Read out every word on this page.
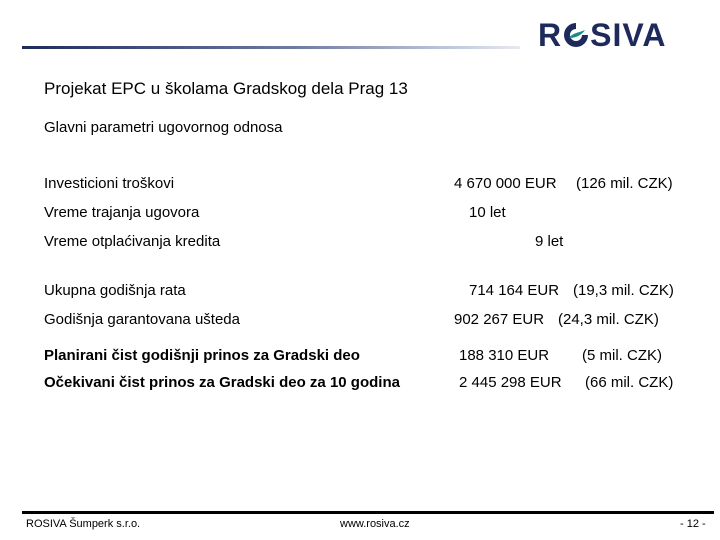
R SIVA
Projekat EPC u školama Gradskog dela Prag 13
Glavni parametri ugovornog odnosa
Investicioni troškovi	4 670 000 EUR (126 mil. CZK)
Vreme trajanja ugovora	10 let
Vreme otplaćivanja kredita	9 let
Ukupna godišnja rata	714 164 EUR (19,3 mil. CZK)
Godišnja garantovana ušteda	902 267 EUR (24,3 mil. CZK)
Planirani čist godišnji prinos za Gradski deo	188 310 EUR (5 mil. CZK)
Očekivani čist prinos za Gradski deo za 10 godina	2 445 298 EUR (66 mil. CZK)
ROSIVA Šumperk s.r.o.	www.rosiva.cz	- 12 -
